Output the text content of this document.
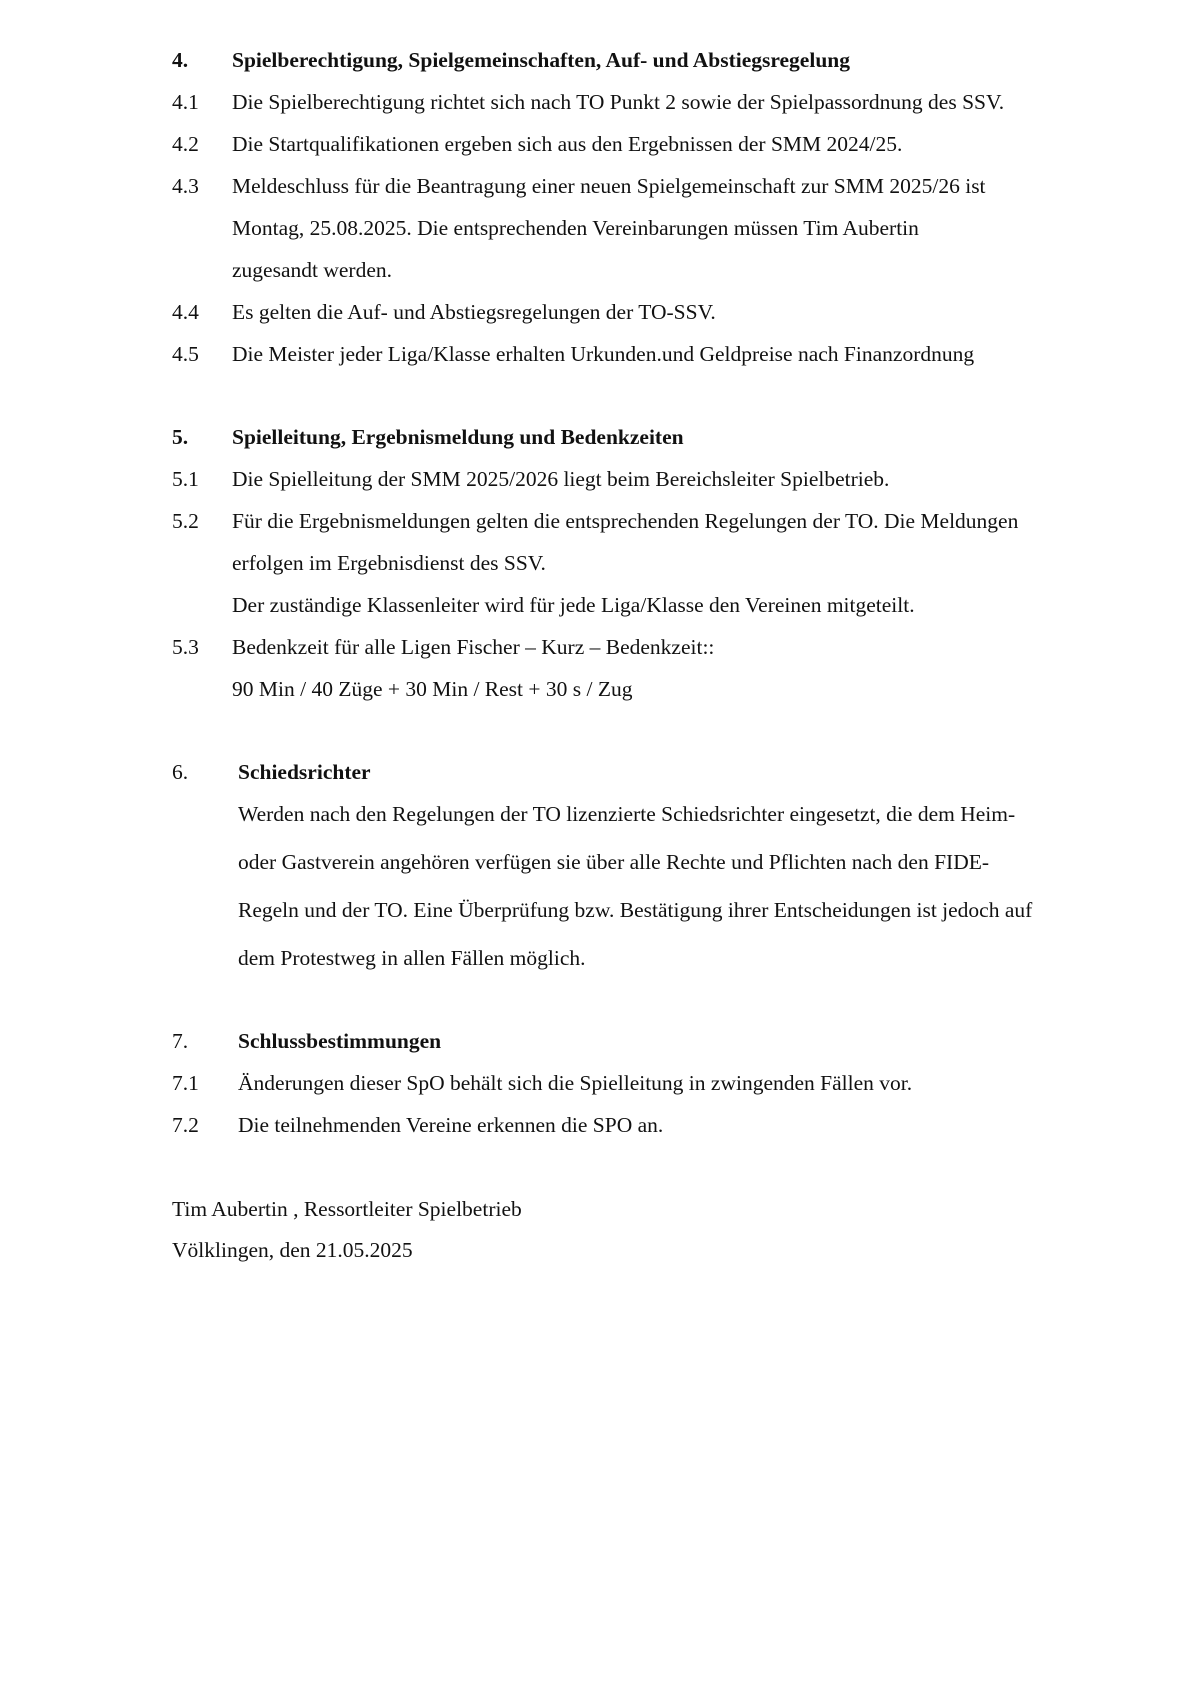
4. Spielberechtigung, Spielgemeinschaften, Auf- und Abstiegsregelung
4.1 Die Spielberechtigung richtet sich nach TO Punkt 2 sowie der Spielpassordnung des SSV.
4.2 Die Startqualifikationen ergeben sich aus den Ergebnissen der SMM 2024/25.
4.3 Meldeschluss für die Beantragung einer neuen Spielgemeinschaft zur SMM 2025/26 ist
Montag, 25.08.2025. Die entsprechenden Vereinbarungen müssen Tim Aubertin
zugesandt werden.
4.4 Es gelten die Auf- und Abstiegsregelungen der TO-SSV.
4.5 Die Meister jeder Liga/Klasse erhalten Urkunden.und Geldpreise nach Finanzordnung
5. Spielleitung, Ergebnismeldung und Bedenkzeiten
5.1 Die Spielleitung der SMM 2025/2026 liegt beim Bereichsleiter Spielbetrieb.
5.2 Für die Ergebnismeldungen gelten die entsprechenden Regelungen der TO. Die Meldungen
erfolgen im Ergebnisdienst des SSV.
Der zuständige Klassenleiter wird für jede Liga/Klasse den Vereinen mitgeteilt.
5.3 Bedenkzeit für alle Ligen Fischer – Kurz – Bedenkzeit::
90 Min / 40 Züge + 30 Min / Rest + 30 s / Zug
6. Schiedsrichter
Werden nach den Regelungen der TO lizenzierte Schiedsrichter eingesetzt, die dem Heim-
oder Gastverein angehören verfügen sie über alle Rechte und Pflichten nach den FIDE-
Regeln und der TO. Eine Überprüfung bzw. Bestätigung ihrer Entscheidungen ist jedoch auf
dem Protestweg in allen Fällen möglich.
7. Schlussbestimmungen
7.1 Änderungen dieser SpO behält sich die Spielleitung in zwingenden Fällen vor.
7.2 Die teilnehmenden Vereine erkennen die SPO an.
Tim Aubertin , Ressortleiter Spielbetrieb
Völklingen, den 21.05.2025
